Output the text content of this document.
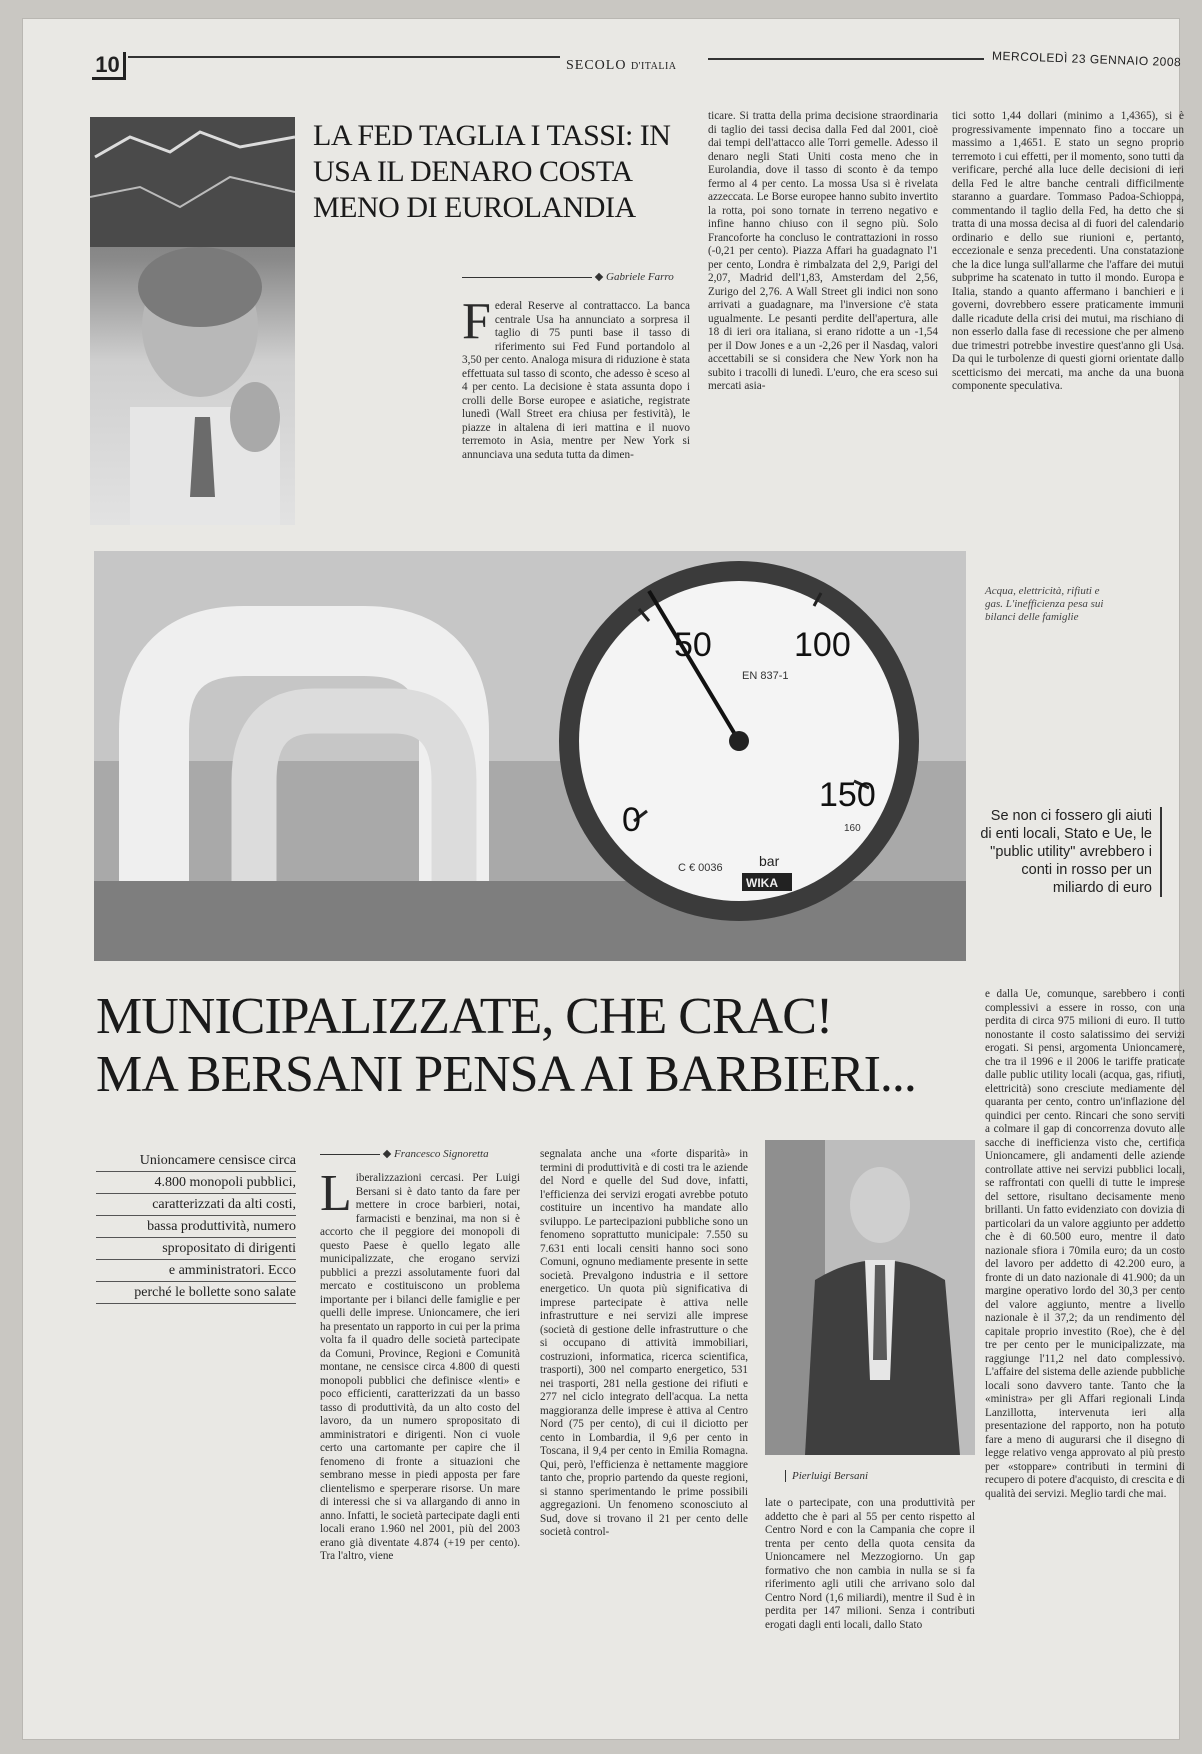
10	SECOLO D'ITALIA	MERCOLEDÌ 23 GENNAIO 2008
LA FED TAGLIA I TASSI: IN USA IL DENARO COSTA MENO DI EUROLANDIA
Gabriele Farro
F ederal Reserve al contrattacco. La banca centrale Usa ha annunciato a sorpresa il taglio di 75 punti base il tasso di riferimento sui Fed Fund portandolo al 3,50 per cento. Analoga misura di riduzione è stata effettuata sul tasso di sconto, che adesso è sceso al 4 per cento. La decisione è stata assunta dopo i crolli delle Borse europee e asiatiche, registrate lunedì (Wall Street era chiusa per festività), le piazze in altalena di ieri mattina e il nuovo terremoto in Asia, mentre per New York si annunciava una seduta tutta da dimen-
ticare. Si tratta della prima decisione straordinaria di taglio dei tassi decisa dalla Fed dal 2001, cioè dai tempi dell'attacco alle Torri gemelle. Adesso il denaro negli Stati Uniti costa meno che in Eurolandia, dove il tasso di sconto è da tempo fermo al 4 per cento. La mossa Usa si è rivelata azzeccata. Le Borse europee hanno subito invertito la rotta, poi sono tornate in terreno negativo e infine hanno chiuso con il segno più. Solo Francoforte ha concluso le contrattazioni in rosso (-0,21 per cento). Piazza Affari ha guadagnato l'1 per cento, Londra è rimbalzata del 2,9, Parigi del 2,07, Madrid dell'1,83, Amsterdam del 2,56, Zurigo del 2,76. A Wall Street gli indici non sono arrivati a guadagnare, ma l'inversione c'è stata ugualmente. Le pesanti perdite dell'apertura, alle 18 di ieri ora italiana, si erano ridotte a un -1,54 per il Dow Jones e a un -2,26 per il Nasdaq, valori accettabili se si considera che New York non ha subito i tracolli di lunedì. L'euro, che era sceso sui mercati asia-
tici sotto 1,44 dollari (minimo a 1,4365), si è progressivamente impennato fino a toccare un massimo a 1,4651. E stato un segno proprio terremoto i cui effetti, per il momento, sono tutti da verificare, perché alla luce delle decisioni di ieri della Fed le altre banche centrali difficilmente staranno a guardare. Tommaso Padoa-Schioppa, commentando il taglio della Fed, ha detto che si tratta di una mossa decisa al di fuori del calendario ordinario e dello sue riunioni e, pertanto, eccezionale e senza precedenti. Una constatazione che la dice lunga sull'allarme che l'affare dei mutui subprime ha scatenato in tutto il mondo. Europa e Italia, stando a quanto affermano i banchieri e i governi, dovrebbero essere praticamente immuni dalle ricadute della crisi dei mutui, ma rischiano di non esserlo dalla fase di recessione che per almeno due trimestri potrebbe investire quest'anno gli Usa. Da qui le turbolenze di questi giorni orientate dallo scetticismo dei mercati, ma anche da una buona componente speculativa.
0
50 100
150
EN 837-1
160
C € 0036	bar
WIKA
Acqua, elettricità, rifiuti e gas. L'inefficienza pesa sui bilanci delle famiglie
Se non ci fossero gli aiuti di enti locali, Stato e Ue, le "public utility" avrebbero i conti in rosso per un miliardo di euro
MUNICIPALIZZATE, CHE CRAC!
MA BERSANI PENSA AI BARBIERI...
Unioncamere censisce circa
4.800 monopoli pubblici,
caratterizzati da alti costi,
bassa produttività, numero
spropositato di dirigenti
e amministratori. Ecco
perché le bollette sono salate
Francesco Signoretta
L iberalizzazioni cercasi. Per Luigi Bersani si è dato tanto da fare per mettere in croce barbieri, notai, farmacisti e benzinai, ma non si è accorto che il peggiore dei monopoli di questo Paese è quello legato alle municipalizzate, che erogano servizi pubblici a prezzi assolutamente fuori dal mercato e costituiscono un problema importante per i bilanci delle famiglie e per quelli delle imprese. Unioncamere, che ieri ha presentato un rapporto in cui per la prima volta fa il quadro delle società partecipate da Comuni, Province, Regioni e Comunità montane, ne censisce circa 4.800 di questi monopoli pubblici che definisce «lenti» e poco efficienti, caratterizzati da un basso tasso di produttività, da un alto costo del lavoro, da un numero spropositato di amministratori e dirigenti. Non ci vuole certo una cartomante per capire che il fenomeno di fronte a situazioni che sembrano messe in piedi apposta per fare clientelismo e sperperare risorse. Un mare di interessi che si va allargando di anno in anno. Infatti, le società partecipate dagli enti locali erano 1.960 nel 2001, più del 2003 erano già diventate 4.874 (+19 per cento). Tra l'altro, viene
segnalata anche una «forte disparità» in termini di produttività e di costi tra le aziende del Nord e quelle del Sud dove, infatti, l'efficienza dei servizi erogati avrebbe potuto costituire un incentivo ha mandate allo sviluppo. Le partecipazioni pubbliche sono un fenomeno soprattutto municipale: 7.550 su 7.631 enti locali censiti hanno soci sono Comuni, ognuno mediamente presente in sette società. Prevalgono industria e il settore energetico. Un quota più significativa di imprese partecipate è attiva nelle infrastrutture e nei servizi alle imprese (società di gestione delle infrastrutture o che si occupano di attività immobiliari, costruzioni, informatica, ricerca scientifica, trasporti), 300 nel comparto energetico, 531 nei trasporti, 281 nella gestione dei rifiuti e 277 nel ciclo integrato dell'acqua. La netta maggioranza delle imprese è attiva al Centro Nord (75 per cento), di cui il diciotto per cento in Lombardia, il 9,6 per cento in Toscana, il 9,4 per cento in Emilia Romagna. Qui, però, l'efficienza è nettamente maggiore tanto che, proprio partendo da queste regioni, si stanno sperimentando le prime possibili aggregazioni. Un fenomeno sconosciuto al Sud, dove si trovano il 21 per cento delle società control-
Pierluigi Bersani
late o partecipate, con una produttività per addetto che è pari al 55 per cento rispetto al Centro Nord e con la Campania che copre il trenta per cento della quota censita da Unioncamere nel Mezzogiorno. Un gap formativo che non cambia in nulla se si fa riferimento agli utili che arrivano solo dal Centro Nord (1,6 miliardi), mentre il Sud è in perdita per 147 milioni. Senza i contributi erogati dagli enti locali, dallo Stato
e dalla Ue, comunque, sarebbero i conti complessivi a essere in rosso, con una perdita di circa 975 milioni di euro. Il tutto nonostante il costo salatissimo dei servizi erogati. Si pensi, argomenta Unioncamere, che tra il 1996 e il 2006 le tariffe praticate dalle public utility locali (acqua, gas, rifiuti, elettricità) sono cresciute mediamente del quaranta per cento, contro un'inflazione del quindici per cento. Rincari che sono serviti a colmare il gap di concorrenza dovuto alle sacche di inefficienza visto che, certifica Unioncamere, gli andamenti delle aziende controllate attive nei servizi pubblici locali, se raffrontati con quelli di tutte le imprese del settore, risultano decisamente meno brillanti. Un fatto evidenziato con dovizia di particolari da un valore aggiunto per addetto che è di 60.500 euro, mentre il dato nazionale sfiora i 70mila euro; da un costo del lavoro per addetto di 42.200 euro, a fronte di un dato nazionale di 41.900; da un margine operativo lordo del 30,3 per cento del valore aggiunto, mentre a livello nazionale è il 37,2; da un rendimento del capitale proprio investito (Roe), che è del tre per cento per le municipalizzate, ma raggiunge l'11,2 nel dato complessivo. L'affaire del sistema delle aziende pubbliche locali sono davvero tante. Tanto che la «ministra» per gli Affari regionali Linda Lanzillotta, intervenuta ieri alla presentazione del rapporto, non ha potuto fare a meno di augurarsi che il disegno di legge relativo venga approvato al più presto per «stoppare» contributi in termini di recupero di potere d'acquisto, di crescita e di qualità dei servizi. Meglio tardi che mai.
